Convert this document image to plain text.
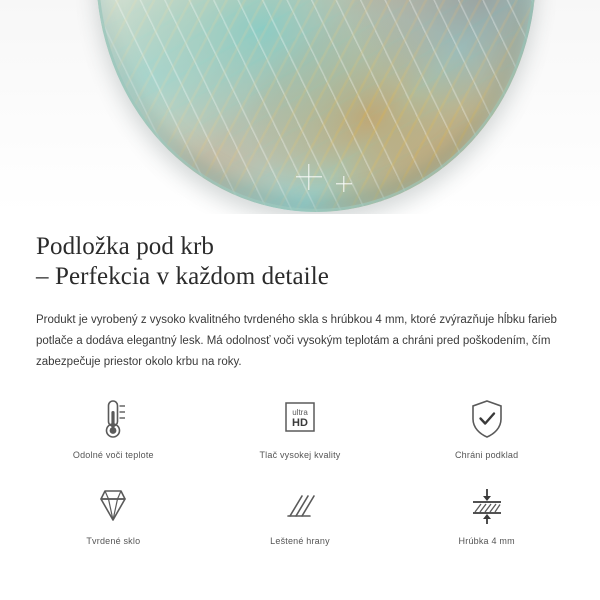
Podložka pod krb
– Perfekcia v každom detaile
Produkt je vyrobený z vysoko kvalitného tvrdeného skla s hrúbkou 4 mm, ktoré zvýrazňuje hĺbku farieb potlače a dodáva elegantný lesk. Má odolnosť voči vysokým teplotám a chráni pred poškodením, čím zabezpečuje priestor okolo krbu na roky.
Odolné voči teplote
ultra
HD
Tlač vysokej kvality	Chráni podklad
Tvrdené sklo	Leštené hrany	Hrúbka 4 mm
